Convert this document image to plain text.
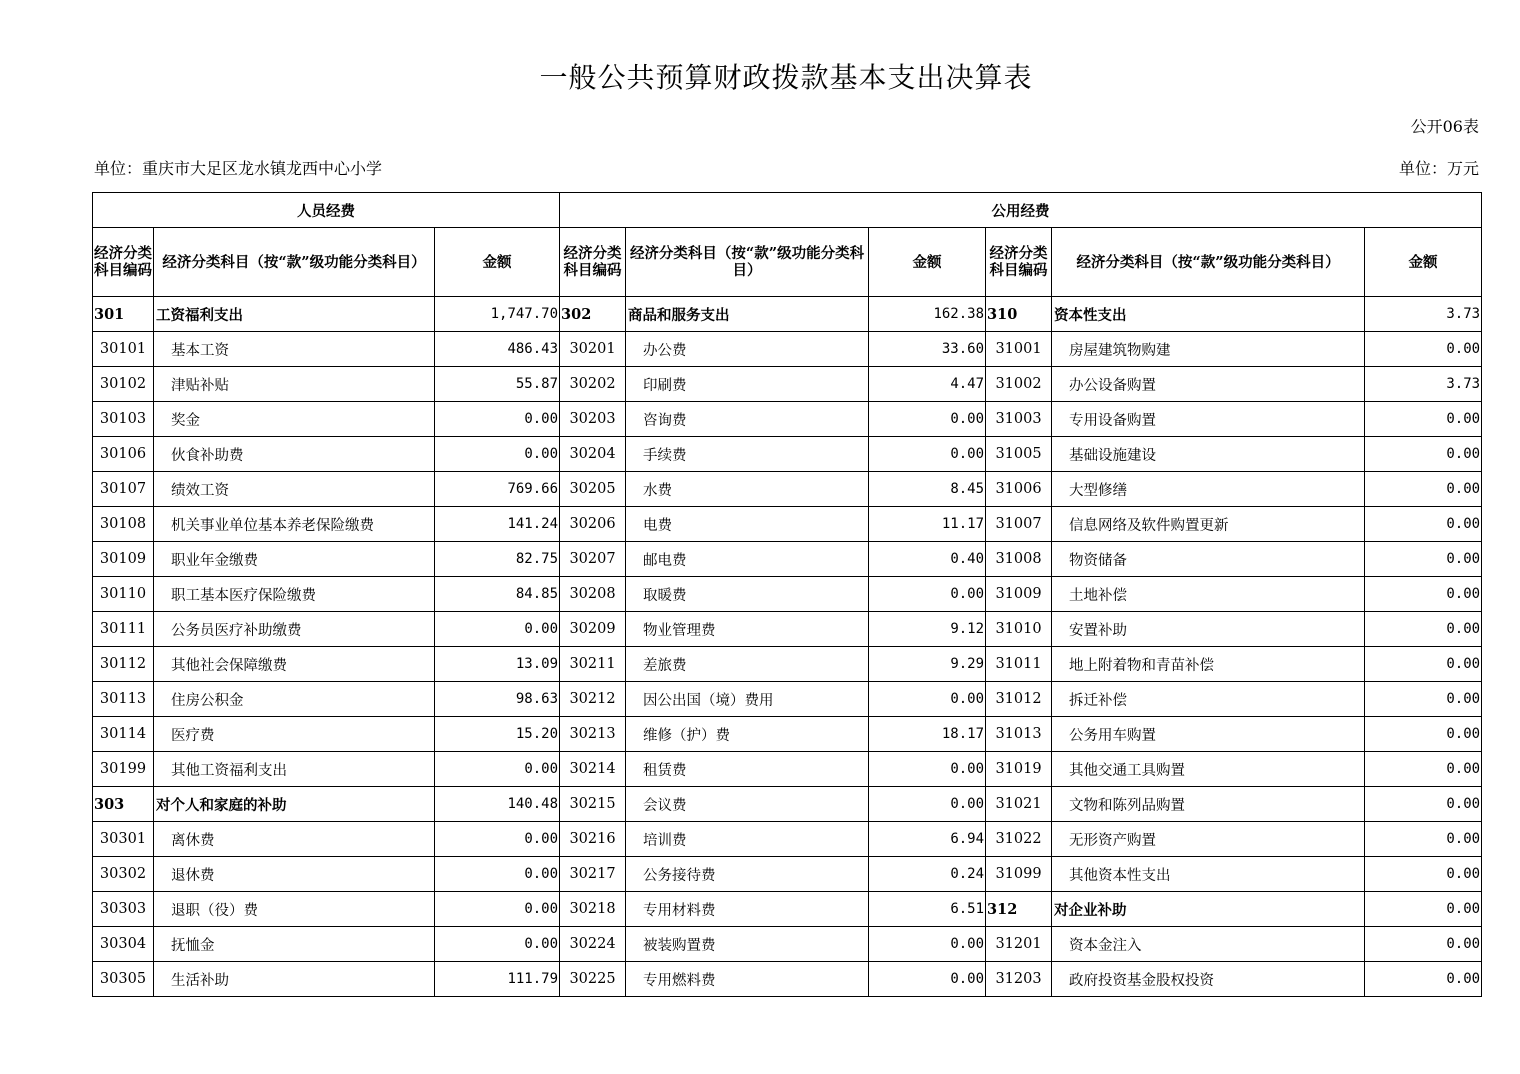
一般公共预算财政拨款基本支出决算表
公开06表
单位：重庆市大足区龙水镇龙西中心小学	单位：万元
人员经费			公用经费					
经济分类科目编码	经济分类科目（按“款”级功能分类科目）	金额	经济分类科目编码	经济分类科目（按“款”级功能分类科目）	金额	经济分类科目编码	经济分类科目（按“款”级功能分类科目）	金额
301	工资福利支出	1,747.70	302	商品和服务支出	162.38	310	资本性支出	3.73
30101	基本工资	486.43	30201	办公费	33.60	31001	房屋建筑物购建	0.00
30102	津贴补贴	55.87	30202	印刷费	4.47	31002	办公设备购置	3.73
30103	奖金	0.00	30203	咨询费	0.00	31003	专用设备购置	0.00
30106	伙食补助费	0.00	30204	手续费	0.00	31005	基础设施建设	0.00
30107	绩效工资	769.66	30205	水费	8.45	31006	大型修缮	0.00
30108	机关事业单位基本养老保险缴费	141.24	30206	电费	11.17	31007	信息网络及软件购置更新	0.00
30109	职业年金缴费	82.75	30207	邮电费	0.40	31008	物资储备	0.00
30110	职工基本医疗保险缴费	84.85	30208	取暖费	0.00	31009	土地补偿	0.00
30111	公务员医疗补助缴费	0.00	30209	物业管理费	9.12	31010	安置补助	0.00
30112	其他社会保障缴费	13.09	30211	差旅费	9.29	31011	地上附着物和青苗补偿	0.00
30113	住房公积金	98.63	30212	因公出国（境）费用	0.00	31012	拆迁补偿	0.00
30114	医疗费	15.20	30213	维修（护）费	18.17	31013	公务用车购置	0.00
30199	其他工资福利支出	0.00	30214	租赁费	0.00	31019	其他交通工具购置	0.00
303	对个人和家庭的补助	140.48	30215	会议费	0.00	31021	文物和陈列品购置	0.00
30301	离休费	0.00	30216	培训费	6.94	31022	无形资产购置	0.00
30302	退休费	0.00	30217	公务接待费	0.24	31099	其他资本性支出	0.00
30303	退职（役）费	0.00	30218	专用材料费	6.51	312	对企业补助	0.00
30304	抚恤金	0.00	30224	被装购置费	0.00	31201	资本金注入	0.00
30305	生活补助	111.79	30225	专用燃料费	0.00	31203	政府投资基金股权投资	0.00
